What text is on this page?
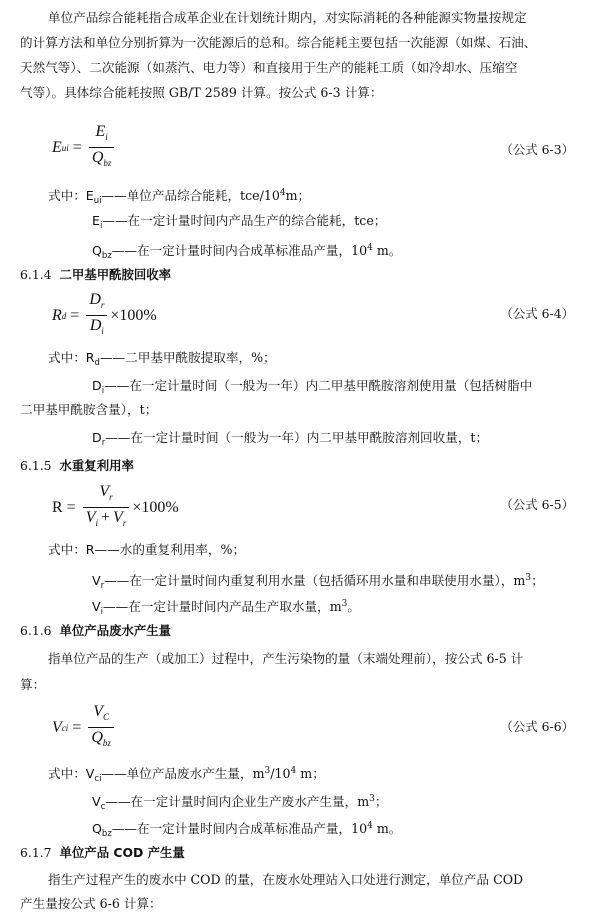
单位产品综合能耗指合成革企业在计划统计期内，对实际消耗的各种能源实物量按规定
的计算方法和单位分别折算为一次能源后的总和。综合能耗主要包括一次能源（如煤、石油、
天然气等）、二次能源（如蒸汽、电力等）和直接用于生产的能耗工质（如冷却水、压缩空
气等）。具体综合能耗按照 GB/T 2589 计算。按公式 6-3 计算：
E ui = $\frac{E_i}{Q_{bz}}$	（公式 6-3）
式中：$E_{ui}——$单位产品综合能耗，tce/$10^4m$；
$E_i——$在一定计量时间内产品生产的综合能耗，tce；
$Q_{bz}——$在一定计量时间内合成革标准品产量，$10^4$ m。
6.1.4 二甲基甲酰胺回收率
R $d = \frac{D_r}{D_i} \times 100\%$	（公式 6-4）
式中：$R_d——$二甲基甲酰胺提取率，%；
$D_i——$在一定计量时间（一般为一年）内二甲基甲酰胺溶剂使用量（包括树脂中
二甲基甲酰胺含量），t；
$D_r——$在一定计量时间（一般为一年）内二甲基甲酰胺溶剂回收量，t；
6.1.5 水重复利用率
$R = \frac{V_r}{V_i + V_r} \times 100\%$	（公式 6-5）
式中：R——水的重复利用率，%；
$V_r——$在一定计量时间内重复利用水量（包括循环用水量和串联使用水量），$m^3$；
$V_i——$在一定计量时间内产品生产取水量，$m^3$。
6.1.6 单位产品废水产生量
指单位产品的生产（或加工）过程中，产生污染物的量（末端处理前），按公式 6-5 计
算：
V ci = $\frac{V_C}{Q_{bz}}$	（公式 6-6）
式中：$V_{ci}——$单位产品废水产生量，$m^3/10^4$ m；
$V_c——$在一定计量时间内企业生产废水产生量，$m^3$；
$Q_{bz}——$在一定计量时间内合成革标准品产量，$10^4$ m。
6.1.7 单位产品 COD 产生量
指生产过程产生的废水中 COD 的量，在废水处理站入口处进行测定，单位产品 COD
产生量按公式 6-6 计算：
